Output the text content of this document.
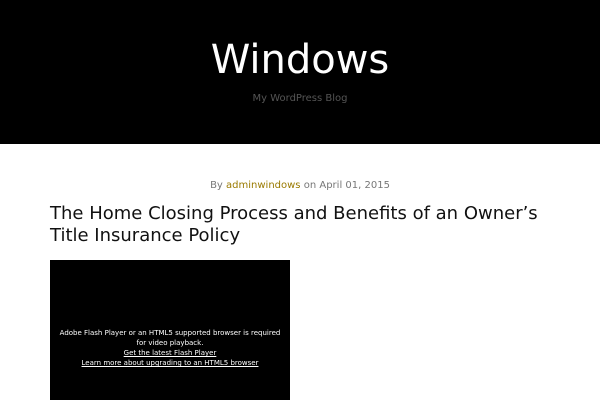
Windows
My WordPress Blog
By adminwindows on April 01, 2015
The Home Closing Process and Benefits of an Owner’s Title Insurance Policy
Adobe Flash Player or an HTML5 supported browser is required for video playback.
Get the latest Flash Player
Learn more about upgrading to an HTML5 browser
